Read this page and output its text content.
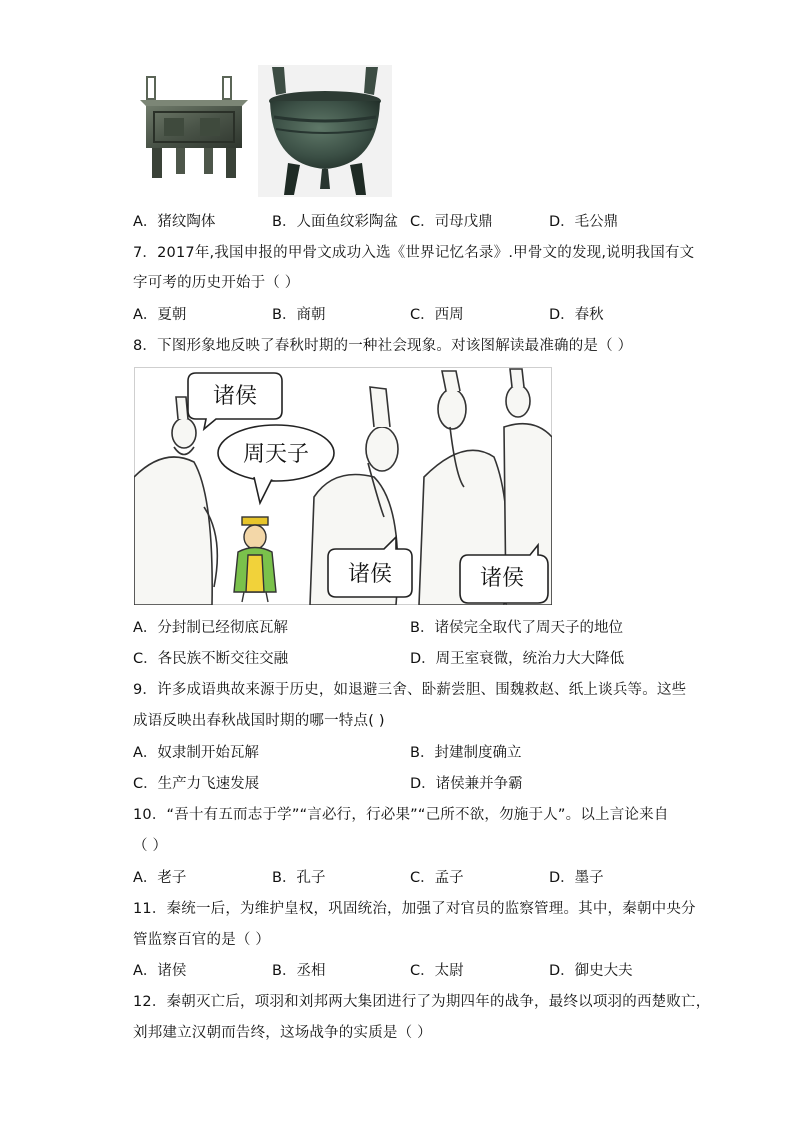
A．猪纹陶体	B．人面鱼纹彩陶盆 C．司母戊鼎	D．毛公鼎
7．2017年,我国申报的甲骨文成功入选《世界记忆名录》.甲骨文的发现,说明我国有文
字可考的历史开始于（ ）
A．夏朝	B．商朝	C．西周	D．春秋
8．下图形象地反映了春秋时期的一种社会现象。对该图解读最准确的是（ ）
诸侯
周天子
诸侯	诸侯
A．分封制已经彻底瓦解	B．诸侯完全取代了周天子的地位
C．各民族不断交往交融	D．周王室衰微，统治力大大降低
9．许多成语典故来源于历史，如退避三舍、卧薪尝胆、围魏救赵、纸上谈兵等。这些
成语反映出春秋战国时期的哪一特点( )
A．奴隶制开始瓦解	B．封建制度确立
C．生产力飞速发展	D．诸侯兼并争霸
10．“吾十有五而志于学”“言必行，行必果”“己所不欲，勿施于人”。以上言论来自
（ ）
A．老子	B．孔子	C．孟子	D．墨子
11．秦统一后，为维护皇权，巩固统治，加强了对官员的监察管理。其中，秦朝中央分
管监察百官的是（ ）
A．诸侯	B．丞相	C．太尉	D．御史大夫
12．秦朝灭亡后，项羽和刘邦两大集团进行了为期四年的战争，最终以项羽的西楚败亡，
刘邦建立汉朝而告终，这场战争的实质是（ ）
